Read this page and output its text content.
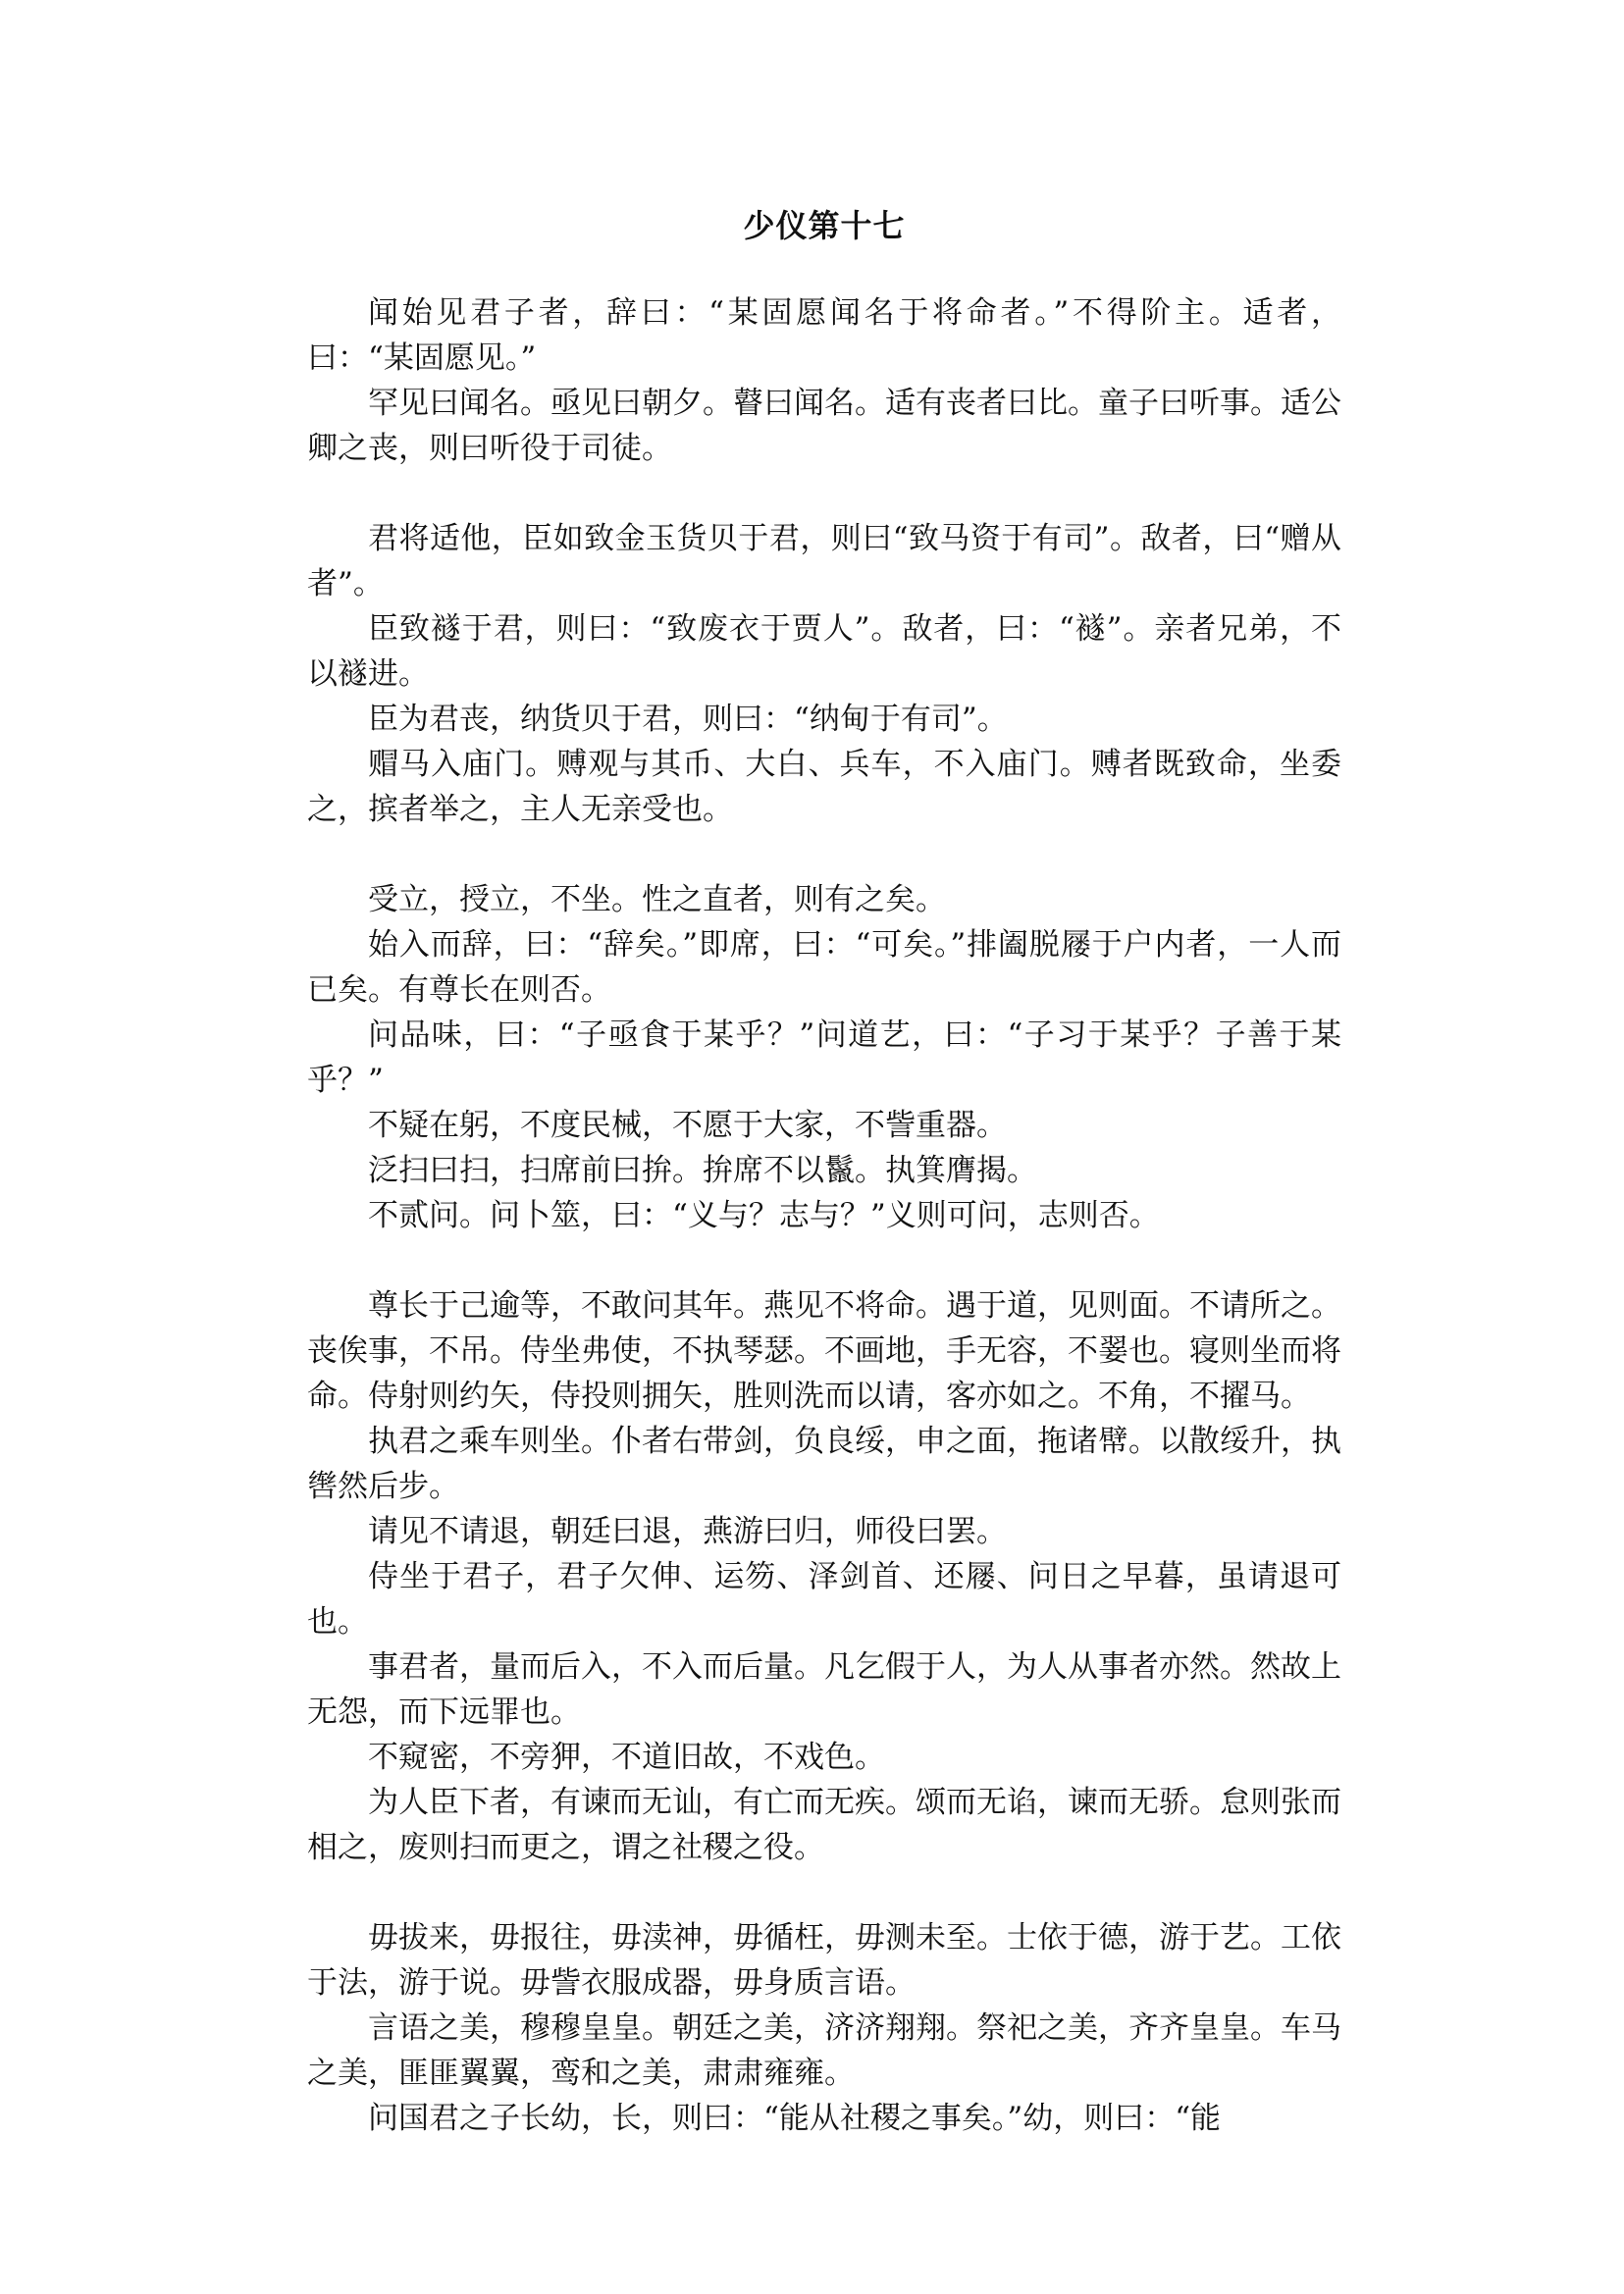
少仪第十七

闻始见君子者，辞曰：“某固愿闻名于将命者。”不得阶主。适者，曰：“某固愿见。”

罕见曰闻名。亟见曰朝夕。瞽曰闻名。适有丧者曰比。童子曰听事。适公卿之丧，则曰听役于司徒。

君将适他，臣如致金玉货贝于君，则曰“致马资于有司”。敌者，曰“赠从者”。

臣致襚于君，则曰：“致废衣于贾人”。敌者，曰：“襚”。亲者兄弟，不以襚进。

臣为君丧，纳货贝于君，则曰：“纳甸于有司”。

赗马入庙门。赙观与其币、大白、兵车，不入庙门。赙者既致命，坐委之，摈者举之，主人无亲受也。

受立，授立，不坐。性之直者，则有之矣。

始入而辞，曰：“辞矣。”即席，曰：“可矣。”排阖脱屦于户内者，一人而已矣。有尊长在则否。

问品味，曰：“子亟食于某乎？”问道艺，曰：“子习于某乎？子善于某乎？”

不疑在躬，不度民械，不愿于大家，不訾重器。

泛扫曰扫，扫席前曰拚。拚席不以鬣。执箕膺揭。

不贰问。问卜筮，曰：“义与？志与？”义则可问，志则否。

尊长于己逾等，不敢问其年。燕见不将命。遇于道，见则面。不请所之。丧俟事，不吊。侍坐弗使，不执琴瑟。不画地，手无容，不翣也。寝则坐而将命。侍射则约矢，侍投则拥矢，胜则洗而以请，客亦如之。不角，不擢马。

执君之乘车则坐。仆者右带剑，负良绥，申之面，拖诸幦。以散绥升，执辔然后步。

请见不请退，朝廷曰退，燕游曰归，师役曰罢。

侍坐于君子，君子欠伸、运笏、泽剑首、还屦、问日之早暮，虽请退可也。

事君者，量而后入，不入而后量。凡乞假于人，为人从事者亦然。然故上无怨，而下远罪也。

不窥密，不旁狎，不道旧故，不戏色。

为人臣下者，有谏而无讪，有亡而无疾。颂而无谄，谏而无骄。怠则张而相之，废则扫而更之，谓之社稷之役。

毋拔来，毋报往，毋渎神，毋循枉，毋测未至。士依于德，游于艺。工依于法，游于说。毋訾衣服成器，毋身质言语。

言语之美，穆穆皇皇。朝廷之美，济济翔翔。祭祀之美，齐齐皇皇。车马之美，匪匪翼翼，鸾和之美，肃肃雍雍。

问国君之子长幼，长，则曰：“能从社稷之事矣。”幼，则曰：“能
